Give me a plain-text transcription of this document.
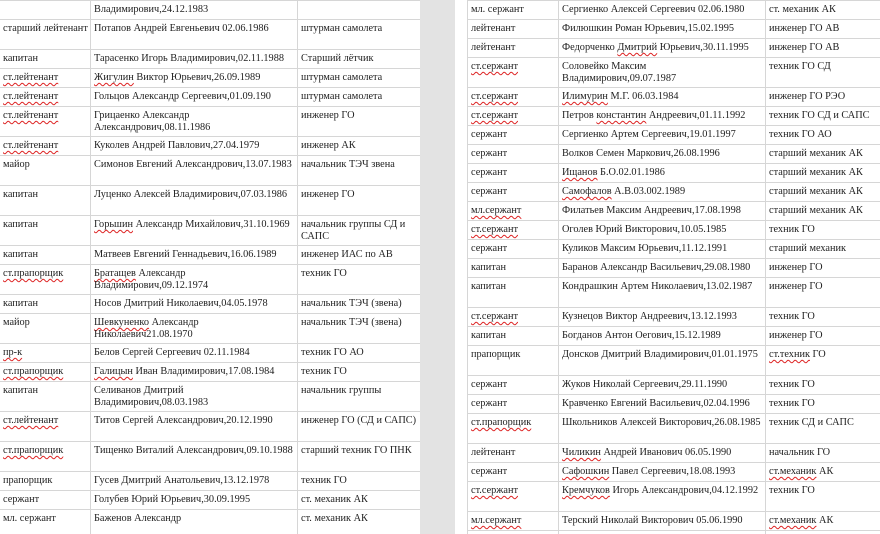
	Владимирович,24.12.1983	
старший лейтенант	Потапов Андрей Евгеньевич 02.06.1986	штурман самолета
капитан	Тарасенко Игорь Владимирович,02.11.1988	Старший лётчик
ст.лейтенант	Жигулин Виктор Юрьевич,26.09.1989	штурман самолета
ст.лейтенант	Гольцов Александр Сергеевич,01.09.190	штурман самолета
ст.лейтенант	Грицаенко Александр Александрович,08.11.1986	инженер ГО
ст.лейтенант	Куколев Андрей Павлович,27.04.1979	инженер АК
майор	Симонов Евгений Александрович,13.07.1983	начальник ТЭЧ звена
капитан	Луценко Алексей Владимирович,07.03.1986	инженер ГО
капитан	Горьшин Александр Михайлович,31.10.1969	начальник группы СД и САПС
капитан	Матвеев Евгений Геннадьевич,16.06.1989	инженер ИАС по АВ
ст.прапорщик	Братащев Александр Владимирович,09.12.1974	техник ГО
капитан	Носов Дмитрий Николаевич,04.05.1978	начальник ТЭЧ (звена)
майор	Шевкуненко Александр Николаевич21.08.1970	начальник ТЭЧ (звена)
пр-к	Белов Сергей Сергеевич 02.11.1984	техник ГО АО
ст.прапорщик	Галицын Иван Владимирович,17.08.1984	техник ГО
капитан	Селиванов Дмитрий Владимирович,08.03.1983	начальник группы
ст.лейтенант	Титов Сергей Александрович,20.12.1990	инженер ГО (СД и САПС)
ст.прапорщик	Тищенко Виталий Александрович,09.10.1988	старший техник ГО ПНК
прапорщик	Гусев Дмитрий Анатольевич,13.12.1978	техник ГО
сержант	Голубев Юрий Юрьевич,30.09.1995	ст. механик АК
мл. сержант	Баженов Александр	ст. механик АК
мл. сержант	Сергиенко Алексей Сергеевич 02.06.1980	ст. механик АК
лейтенант	Филюшкин Роман Юрьевич,15.02.1995	инженер ГО АВ
лейтенант	Федорченко Дмитрий Юрьевич,30.11.1995	инженер ГО АВ
ст.сержант	Соловейко Максим Владимирович,09.07.1987	техник ГО СД
ст.сержант	Илимурин М.Г. 06.03.1984	инженер ГО РЭО
ст.сержант	Петров константин Андреевич,01.11.1992	техник ГО СД и САПС
сержант	Сергиенко Артем Сергеевич,19.01.1997	техник ГО АО
сержант	Волков Семен Маркович,26.08.1996	старший механик АК
сержант	Ищанов Б.О.02.01.1986	старший механик АК
сержант	Самофалов А.В.03.002.1989	старший механик АК
мл.сержант	Филатьев Максим Андреевич,17.08.1998	старший механик АК
ст.сержант	Оголев Юрий Викторович,10.05.1985	техник ГО
сержант	Куликов Максим Юрьевич,11.12.1991	старший механик
капитан	Баранов Александр Васильевич,29.08.1980	инженер ГО
капитан	Кондрашкин Артем Николаевич,13.02.1987	инженер ГО
ст.сержант	Кузнецов Виктор Андреевич,13.12.1993	техник ГО
капитан	Богданов Антон Оегович,15.12.1989	инженер ГО
прапорщик	Донсков Дмитрий Владимирович,01.01.1975	ст.техник ГО
сержант	Жуков Николай Сергеевич,29.11.1990	техник ГО
сержант	Кравченко Евгений Васильевич,02.04.1996	техник ГО
ст.прапорщик	Школьников Алексей Викторович,26.08.1985	техник СД и САПС
лейтенант	Чиликин Андрей Иванович 06.05.1990	начальник ГО
сержант	Сафошкин Павел Сергеевич,18.08.1993	ст.механик АК
ст.сержант	Кремчуков Игорь Александрович,04.12.1992	техник ГО
мл.сержант	Терский Николай Викторович 05.06.1990	ст.механик АК
